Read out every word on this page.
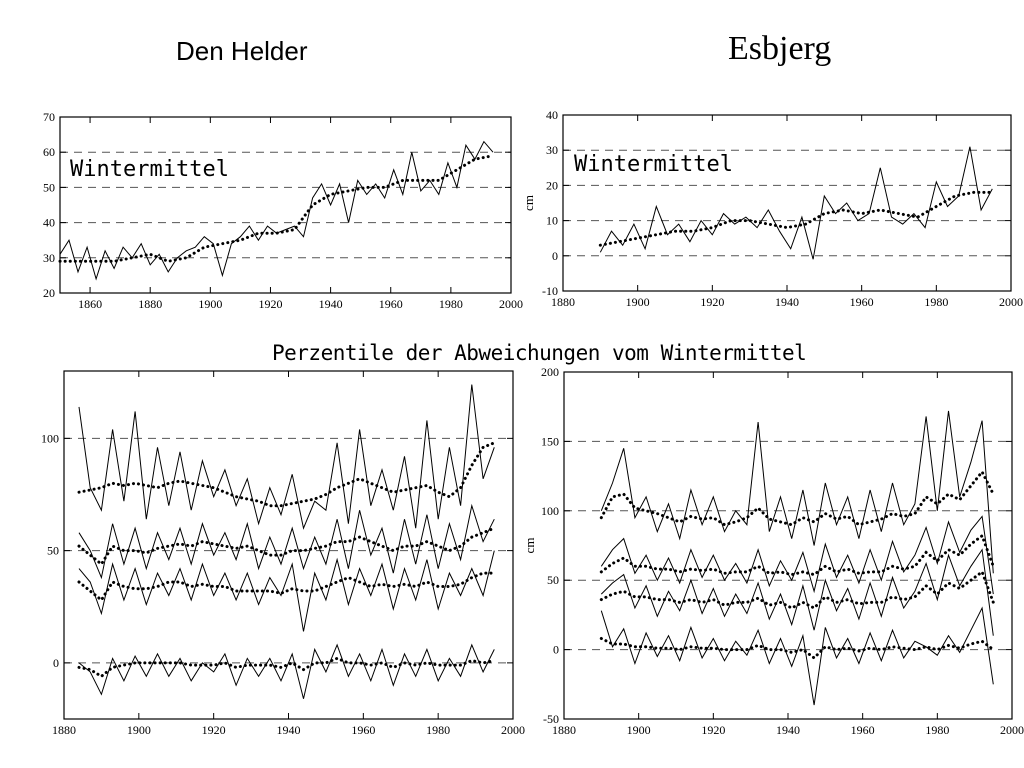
Den Helder	Esbjerg
1860	1880	1900	1920	1940	1960	1980	2000
20
30
40
50
60
70
1880	1900	1920	1940	1960	1980	2000
-10
0
10
20
30
40
cm
1880	1900	1920	1940	1960	1980	2000
0
50
100
1880	1900	1920	1940	1960	1980	2000
-50
0
50
100
150
200
cm
Perzentile der Abweichungen vom Wintermittel
Wintermittel	Wintermittel
